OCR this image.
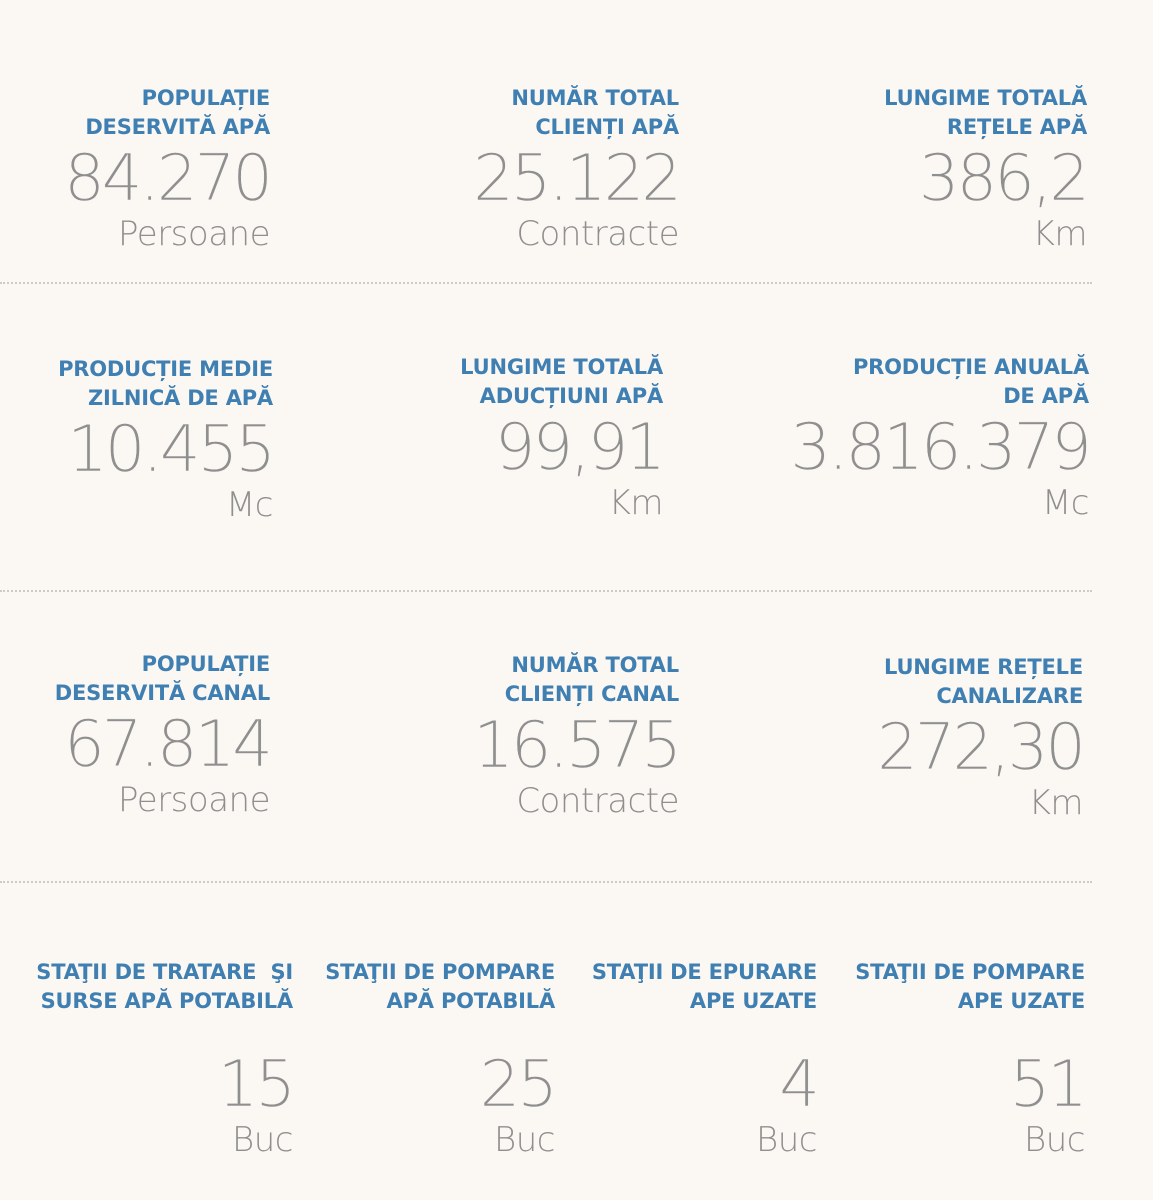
POPULAȚIE
DESERVITĂ APĂ
84.270
Persoane
NUMĂR TOTAL
CLIENȚI APĂ
25.122
Contracte
LUNGIME TOTALĂ
REȚELE APĂ
386,2
Km
PRODUCȚIE MEDIE
ZILNICĂ DE APĂ
10.455
Mc
LUNGIME TOTALĂ
ADUCȚIUNI APĂ
99,91
Km
PRODUCȚIE ANUALĂ
DE APĂ
3.816.379
Mc
POPULAȚIE
DESERVITĂ CANAL
67.814
Persoane
NUMĂR TOTAL
CLIENȚI CANAL
16.575
Contracte
LUNGIME REȚELE
CANALIZARE
272,30
Km
STAŢII DE TRATARE  ŞI
SURSE APĂ POTABILĂ
15
Buc
STAŢII DE POMPARE
APĂ POTABILĂ
25
Buc
STAŢII DE EPURARE
APE UZATE
4
Buc
STAŢII DE POMPARE
APE UZATE
51
Buc
